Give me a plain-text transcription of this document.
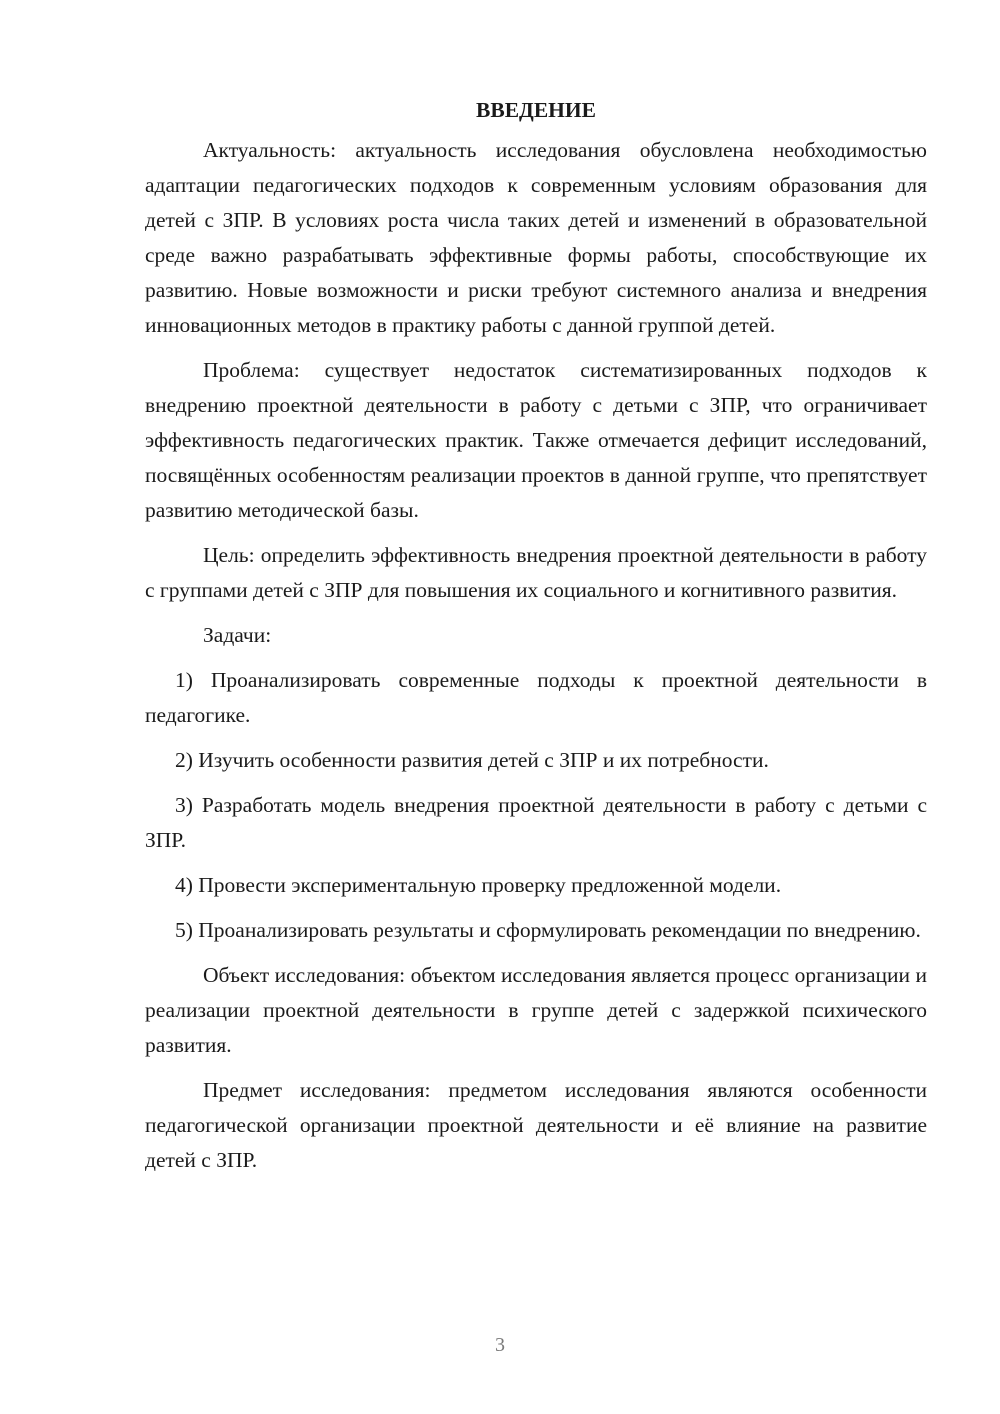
ВВЕДЕНИЕ

Актуальность: актуальность исследования обусловлена необходимостью адаптации педагогических подходов к современным условиям образования для детей с ЗПР. В условиях роста числа таких детей и изменений в образовательной среде важно разрабатывать эффективные формы работы, способствующие их развитию. Новые возможности и риски требуют системного анализа и внедрения инновационных методов в практику работы с данной группой детей.

Проблема: существует недостаток систематизированных подходов к внедрению проектной деятельности в работу с детьми с ЗПР, что ограничивает эффективность педагогических практик. Также отмечается дефицит исследований, посвящённых особенностям реализации проектов в данной группе, что препятствует развитию методической базы.

Цель: определить эффективность внедрения проектной деятельности в работу с группами детей с ЗПР для повышения их социального и когнитивного развития.

Задачи:

1) Проанализировать современные подходы к проектной деятельности в педагогике.

2) Изучить особенности развития детей с ЗПР и их потребности.

3) Разработать модель внедрения проектной деятельности в работу с детьми с ЗПР.

4) Провести экспериментальную проверку предложенной модели.

5) Проанализировать результаты и сформулировать рекомендации по внедрению.

Объект исследования: объектом исследования является процесс организации и реализации проектной деятельности в группе детей с задержкой психического развития.

Предмет исследования: предметом исследования являются особенности педагогической организации проектной деятельности и её влияние на развитие детей с ЗПР.

3
